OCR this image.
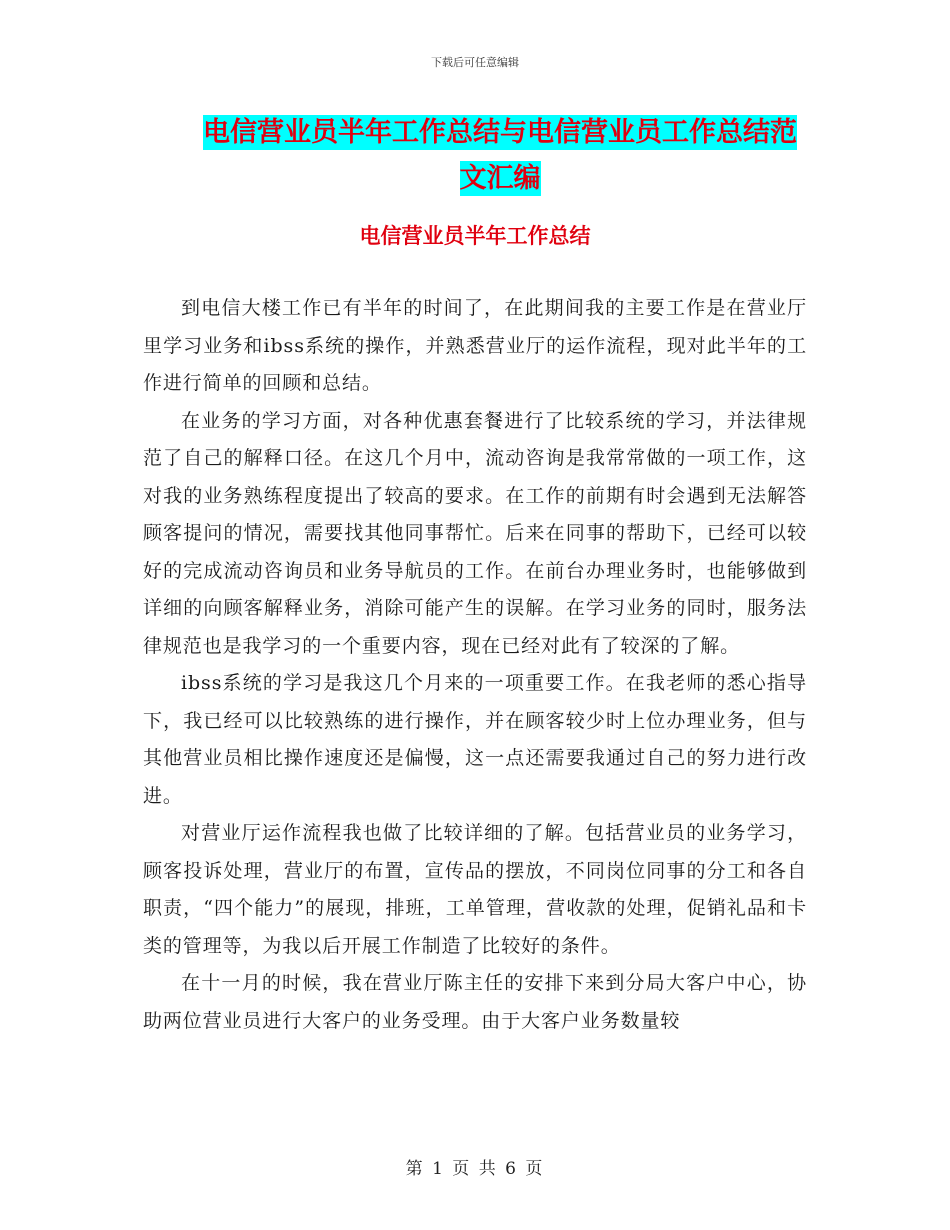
下载后可任意编辑
电信营业员半年工作总结与电信营业员工作总结范文汇编
电信营业员半年工作总结

到电信大楼工作已有半年的时间了，在此期间我的主要工作是在营业厅里学习业务和ibss系统的操作，并熟悉营业厅的运作流程，现对此半年的工作进行简单的回顾和总结。

在业务的学习方面，对各种优惠套餐进行了比较系统的学习，并法律规范了自己的解释口径。在这几个月中，流动咨询是我常常做的一项工作，这对我的业务熟练程度提出了较高的要求。在工作的前期有时会遇到无法解答顾客提问的情况，需要找其他同事帮忙。后来在同事的帮助下，已经可以较好的完成流动咨询员和业务导航员的工作。在前台办理业务时，也能够做到详细的向顾客解释业务，消除可能产生的误解。在学习业务的同时，服务法律规范也是我学习的一个重要内容，现在已经对此有了较深的了解。

ibss系统的学习是我这几个月来的一项重要工作。在我老师的悉心指导下，我已经可以比较熟练的进行操作，并在顾客较少时上位办理业务，但与其他营业员相比操作速度还是偏慢，这一点还需要我通过自己的努力进行改进。

对营业厅运作流程我也做了比较详细的了解。包括营业员的业务学习，顾客投诉处理，营业厅的布置，宣传品的摆放，不同岗位同事的分工和各自职责，“四个能力”的展现，排班，工单管理，营收款的处理，促销礼品和卡类的管理等，为我以后开展工作制造了比较好的条件。

在十一月的时候，我在营业厅陈主任的安排下来到分局大客户中心，协助两位营业员进行大客户的业务受理。由于大客户业务数量较

第 1 页 共 6 页
